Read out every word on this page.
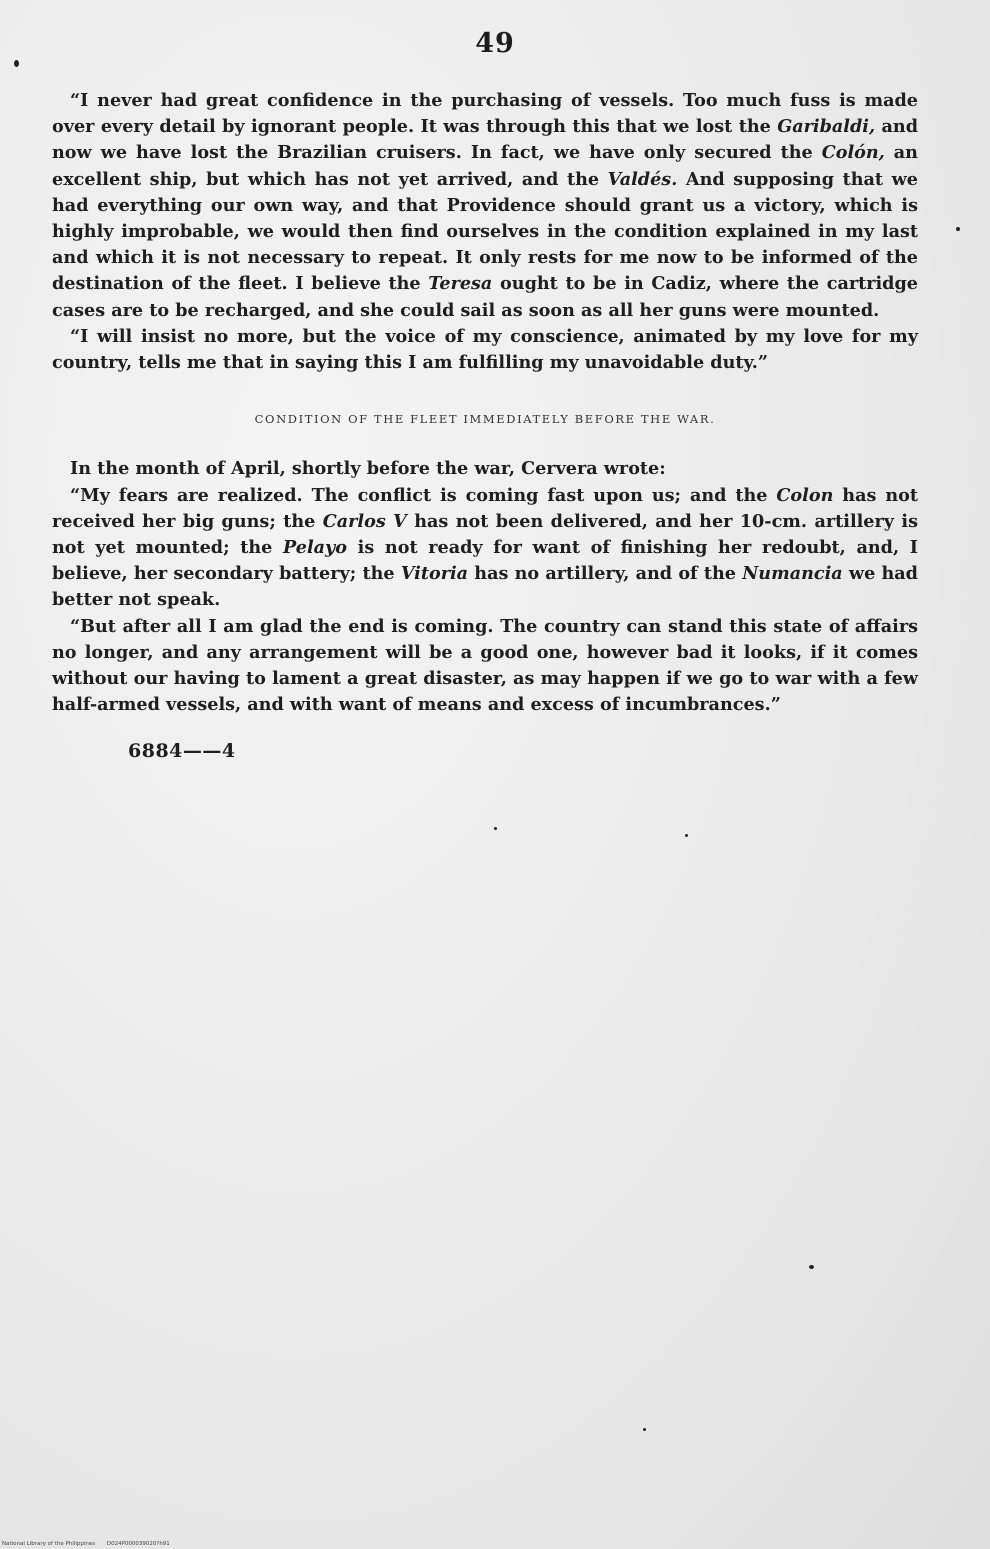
49

“I never had great confidence in the purchasing of vessels. Too much fuss is made over every detail by ignorant people. It was through this that we lost the Garibaldi, and now we have lost the Brazilian cruisers. In fact, we have only secured the Colón, an excellent ship, but which has not yet arrived, and the Valdés. And supposing that we had everything our own way, and that Providence should grant us a victory, which is highly improbable, we would then find ourselves in the condition explained in my last and which it is not necessary to repeat. It only rests for me now to be informed of the destination of the fleet. I believe the Teresa ought to be in Cadiz, where the cartridge cases are to be recharged, and she could sail as soon as all her guns were mounted.

“I will insist no more, but the voice of my conscience, animated by my love for my country, tells me that in saying this I am fulfilling my unavoidable duty.”

CONDITION OF THE FLEET IMMEDIATELY BEFORE THE WAR.

In the month of April, shortly before the war, Cervera wrote:

“My fears are realized. The conflict is coming fast upon us; and the Colon has not received her big guns; the Carlos V has not been delivered, and her 10-cm. artillery is not yet mounted; the Pelayo is not ready for want of finishing her redoubt, and, I believe, her secondary battery; the Vitoria has no artillery, and of the Numancia we had better not speak.

“But after all I am glad the end is coming. The country can stand this state of affairs no longer, and any arrangement will be a good one, however bad it looks, if it comes without our having to lament a great disaster, as may happen if we go to war with a few half-armed vessels, and with want of means and excess of incumbrances.”

6884——4
National Library of the Philippines D024P000039020?h91
